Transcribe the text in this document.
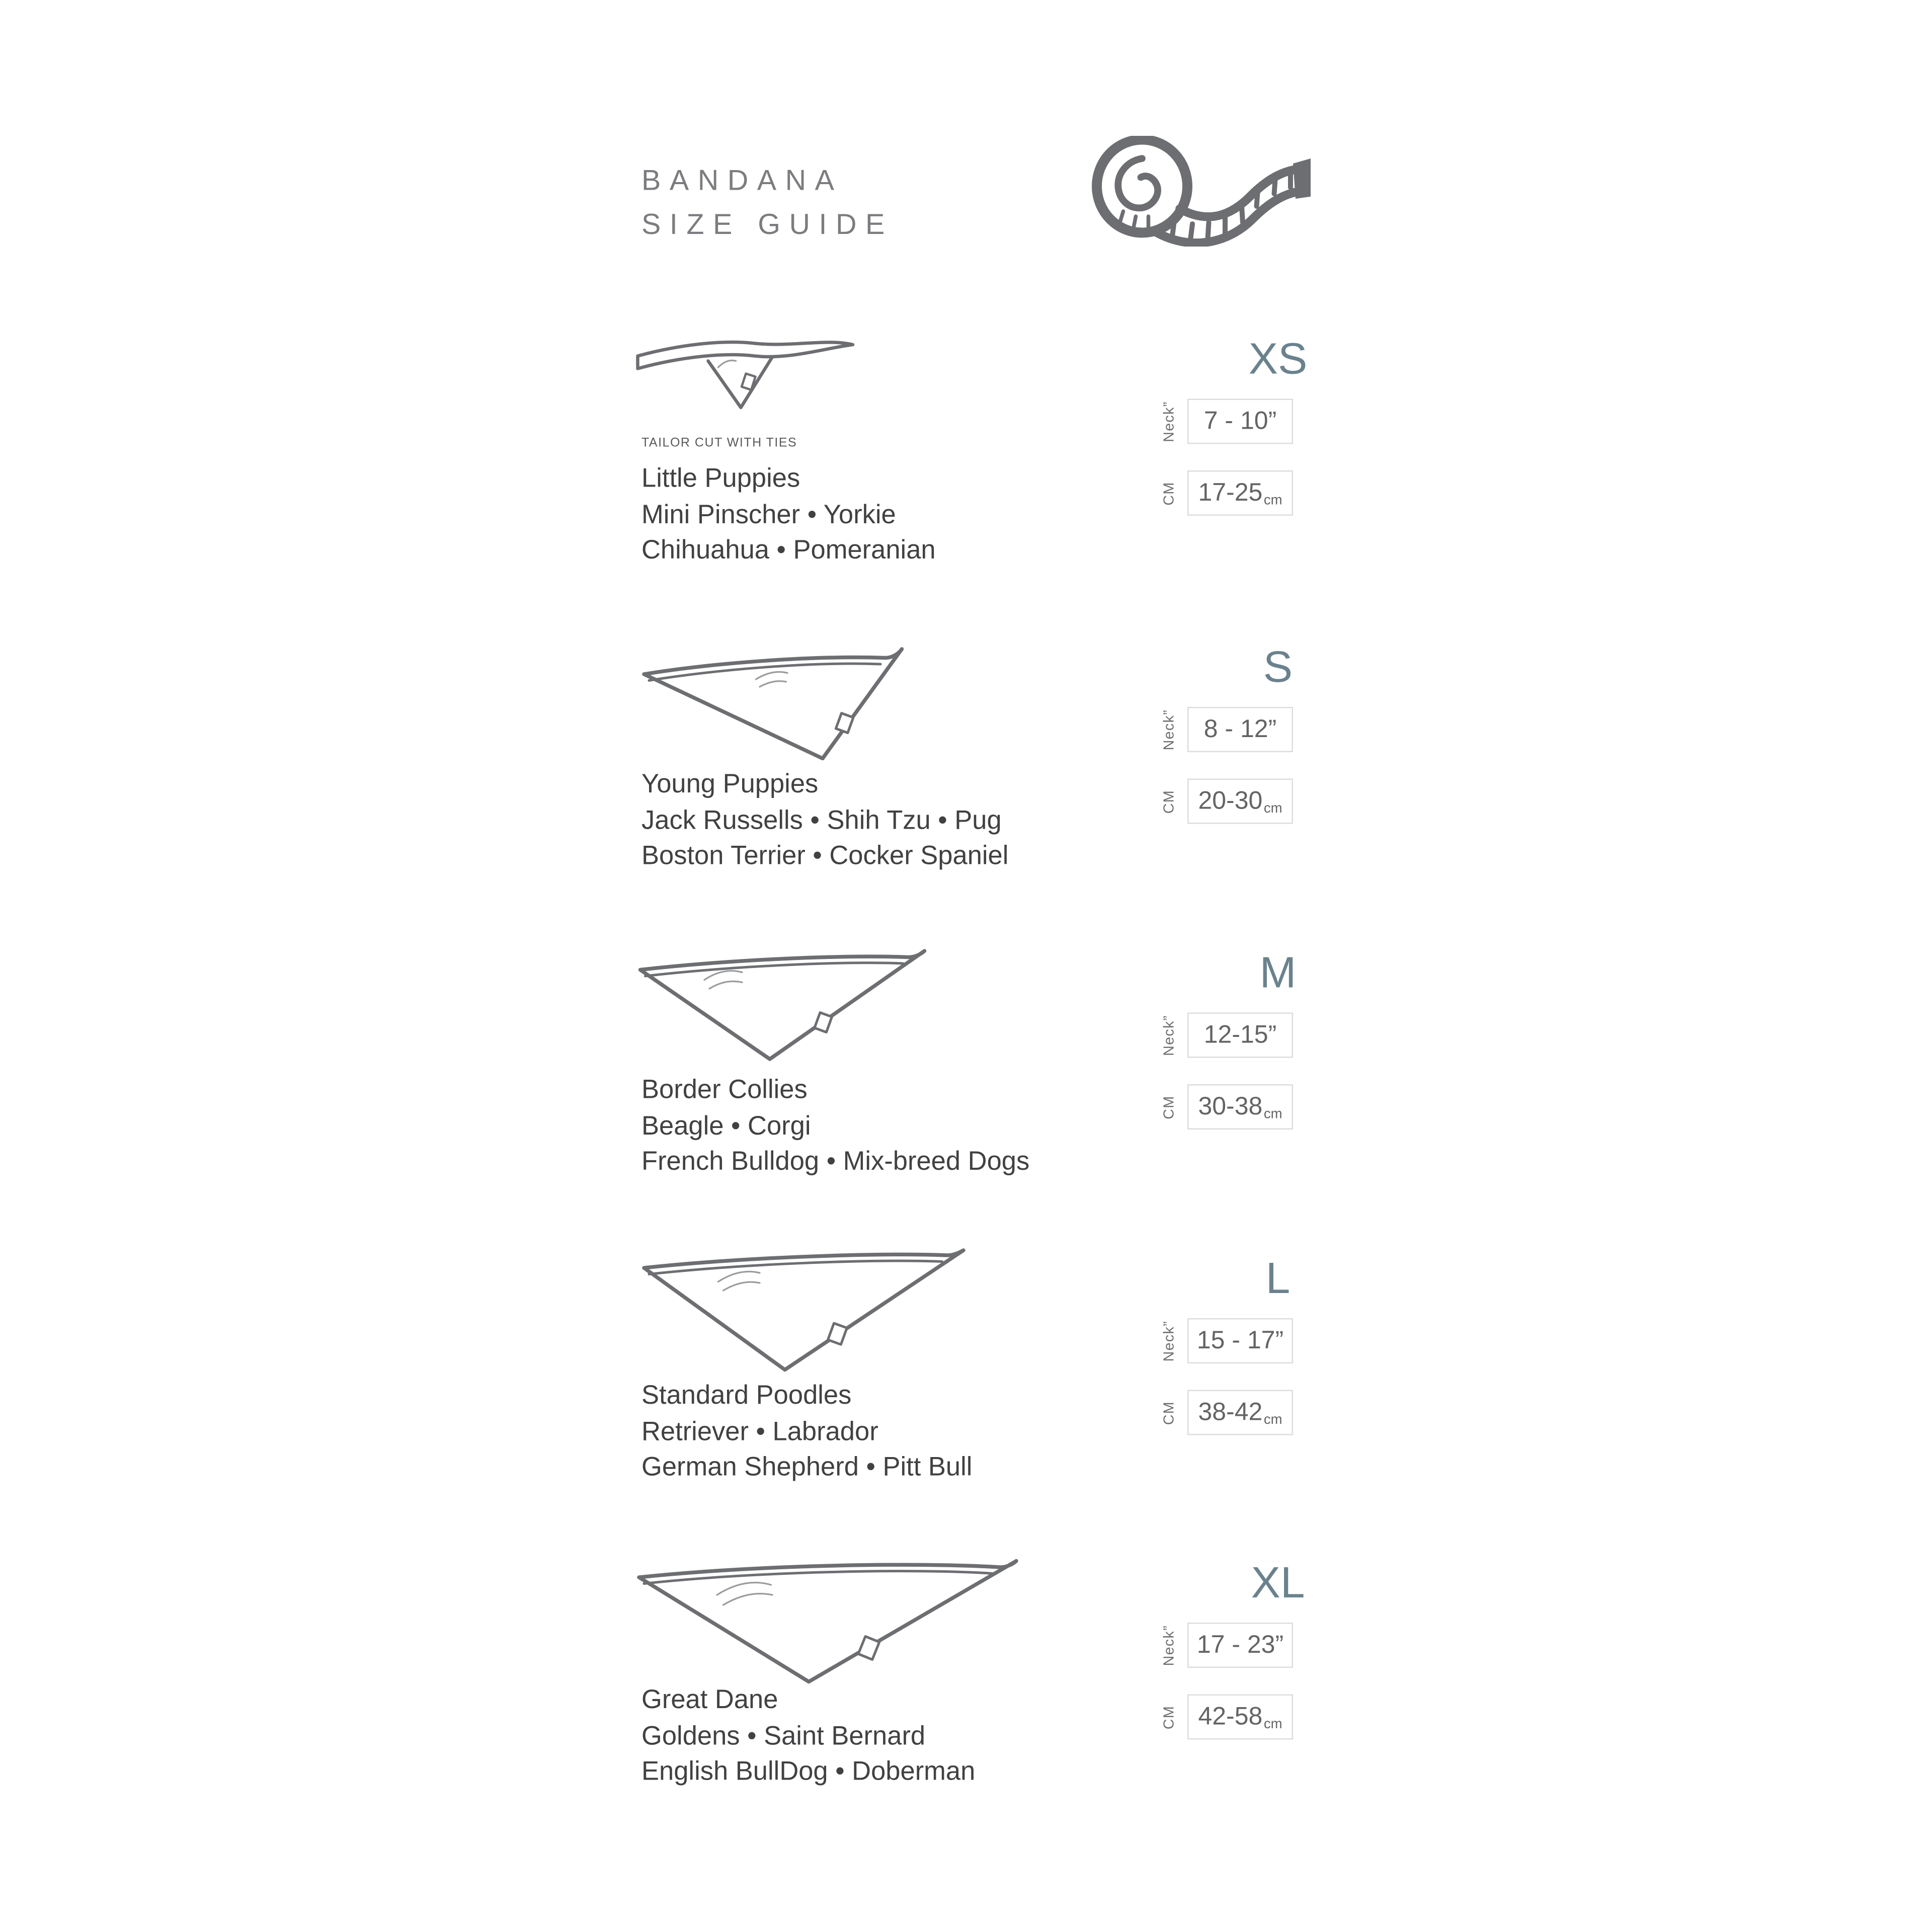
BANDANA
SIZE GUIDE
TAILOR CUT WITH TIES
Little Puppies
Mini Pinscher • Yorkie
Chihuahua • Pomeranian
XS
Neck”	7 - 10”
CM	17-25 cm
Young Puppies
Jack Russells • Shih Tzu • Pug
Boston Terrier • Cocker Spaniel
S
Neck”	8 - 12”
CM	20-30 cm
Border Collies
Beagle • Corgi
French Bulldog • Mix-breed Dogs
M
Neck”	12-15”
CM	30-38 cm
Standard Poodles
Retriever • Labrador
German Shepherd • Pitt Bull
L
Neck”	15 - 17”
CM	38-42 cm
Great Dane
Goldens • Saint Bernard
English BullDog • Doberman
XL
Neck”	17 - 23”
CM	42-58 cm
